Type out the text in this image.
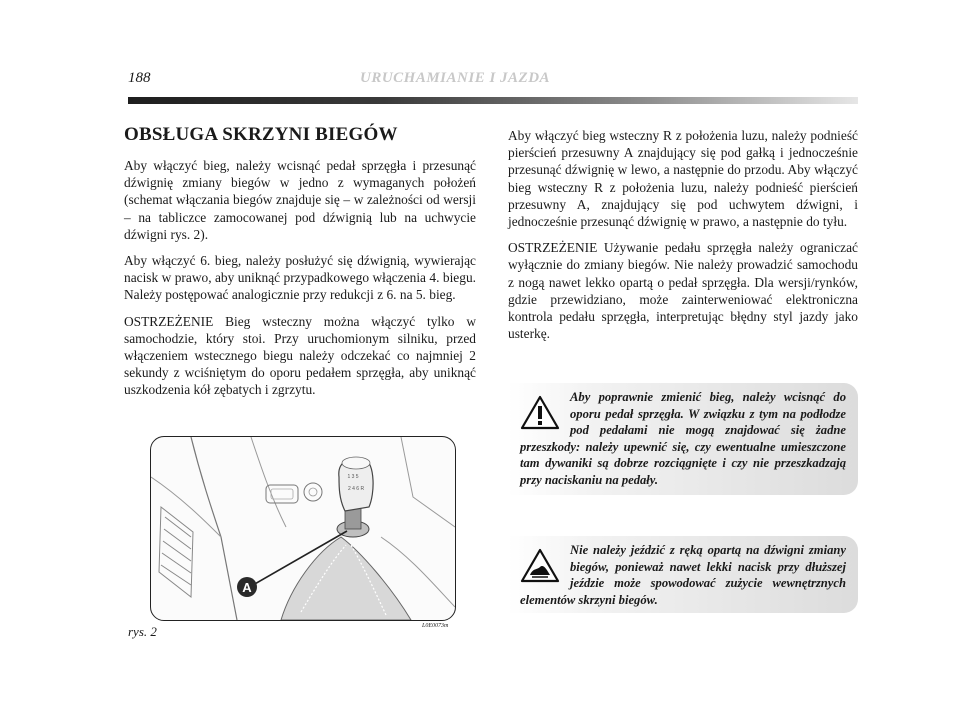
188	URUCHAMIANIE I JAZDA
OBSŁUGA SKRZYNI BIEGÓW

Aby włączyć bieg, należy wcisnąć pedał sprzęgła i przesunąć dźwignię zmiany biegów w jedno z wymaganych położeń (schemat włączania biegów znajduje się – w zależności od wersji – na tabliczce zamocowanej pod dźwignią lub na uchwycie dźwigni rys. 2).

Aby włączyć 6. bieg, należy posłużyć się dźwignią, wywierając nacisk w prawo, aby uniknąć przypadkowego włączenia 4. biegu. Należy postępować analogicznie przy redukcji z 6. na 5. bieg.

OSTRZEŻENIE Bieg wsteczny można włączyć tylko w samochodzie, który stoi. Przy uruchomionym silniku, przed włączeniem wstecznego biegu należy odczekać co najmniej 2 sekundy z wciśniętym do oporu pedałem sprzęgła, aby uniknąć uszkodzenia kół zębatych i zgrzytu.

Aby włączyć bieg wsteczny R z położenia luzu, należy podnieść pierścień przesuwny A znajdujący się pod gałką i jednocześnie przesunąć dźwignię w lewo, a następnie do przodu. Aby włączyć bieg wsteczny R z położenia luzu, należy podnieść pierścień przesuwny A, znajdujący się pod uchwytem dźwigni, i jednocześnie przesunąć dźwignię w prawo, a następnie do tyłu.

OSTRZEŻENIE Używanie pedału sprzęgła należy ograniczać wyłącznie do zmiany biegów. Nie należy prowadzić samochodu z nogą nawet lekko opartą o pedał sprzęgła. Dla wersji/rynków, gdzie przewidziano, może zainterweniować elektroniczna kontrola pedału sprzęgła, interpretując błędny styl jazdy jako usterkę.

1 3 5
2 4 6 R
A
rys. 2	L0E0073m
Aby poprawnie zmienić bieg, należy wcisnąć do oporu pedał sprzęgła. W związku z tym na podłodze pod pedałami nie mogą znajdować się żadne przeszkody: należy upewnić się, czy ewentualne umieszczone tam dywaniki są dobrze rozciągnięte i czy nie przeszkadzają przy naciskaniu na pedały.
Nie należy jeździć z ręką opartą na dźwigni zmiany biegów, ponieważ nawet lekki nacisk przy dłuższej jeździe może spowodować zużycie wewnętrznych elementów skrzyni biegów.
